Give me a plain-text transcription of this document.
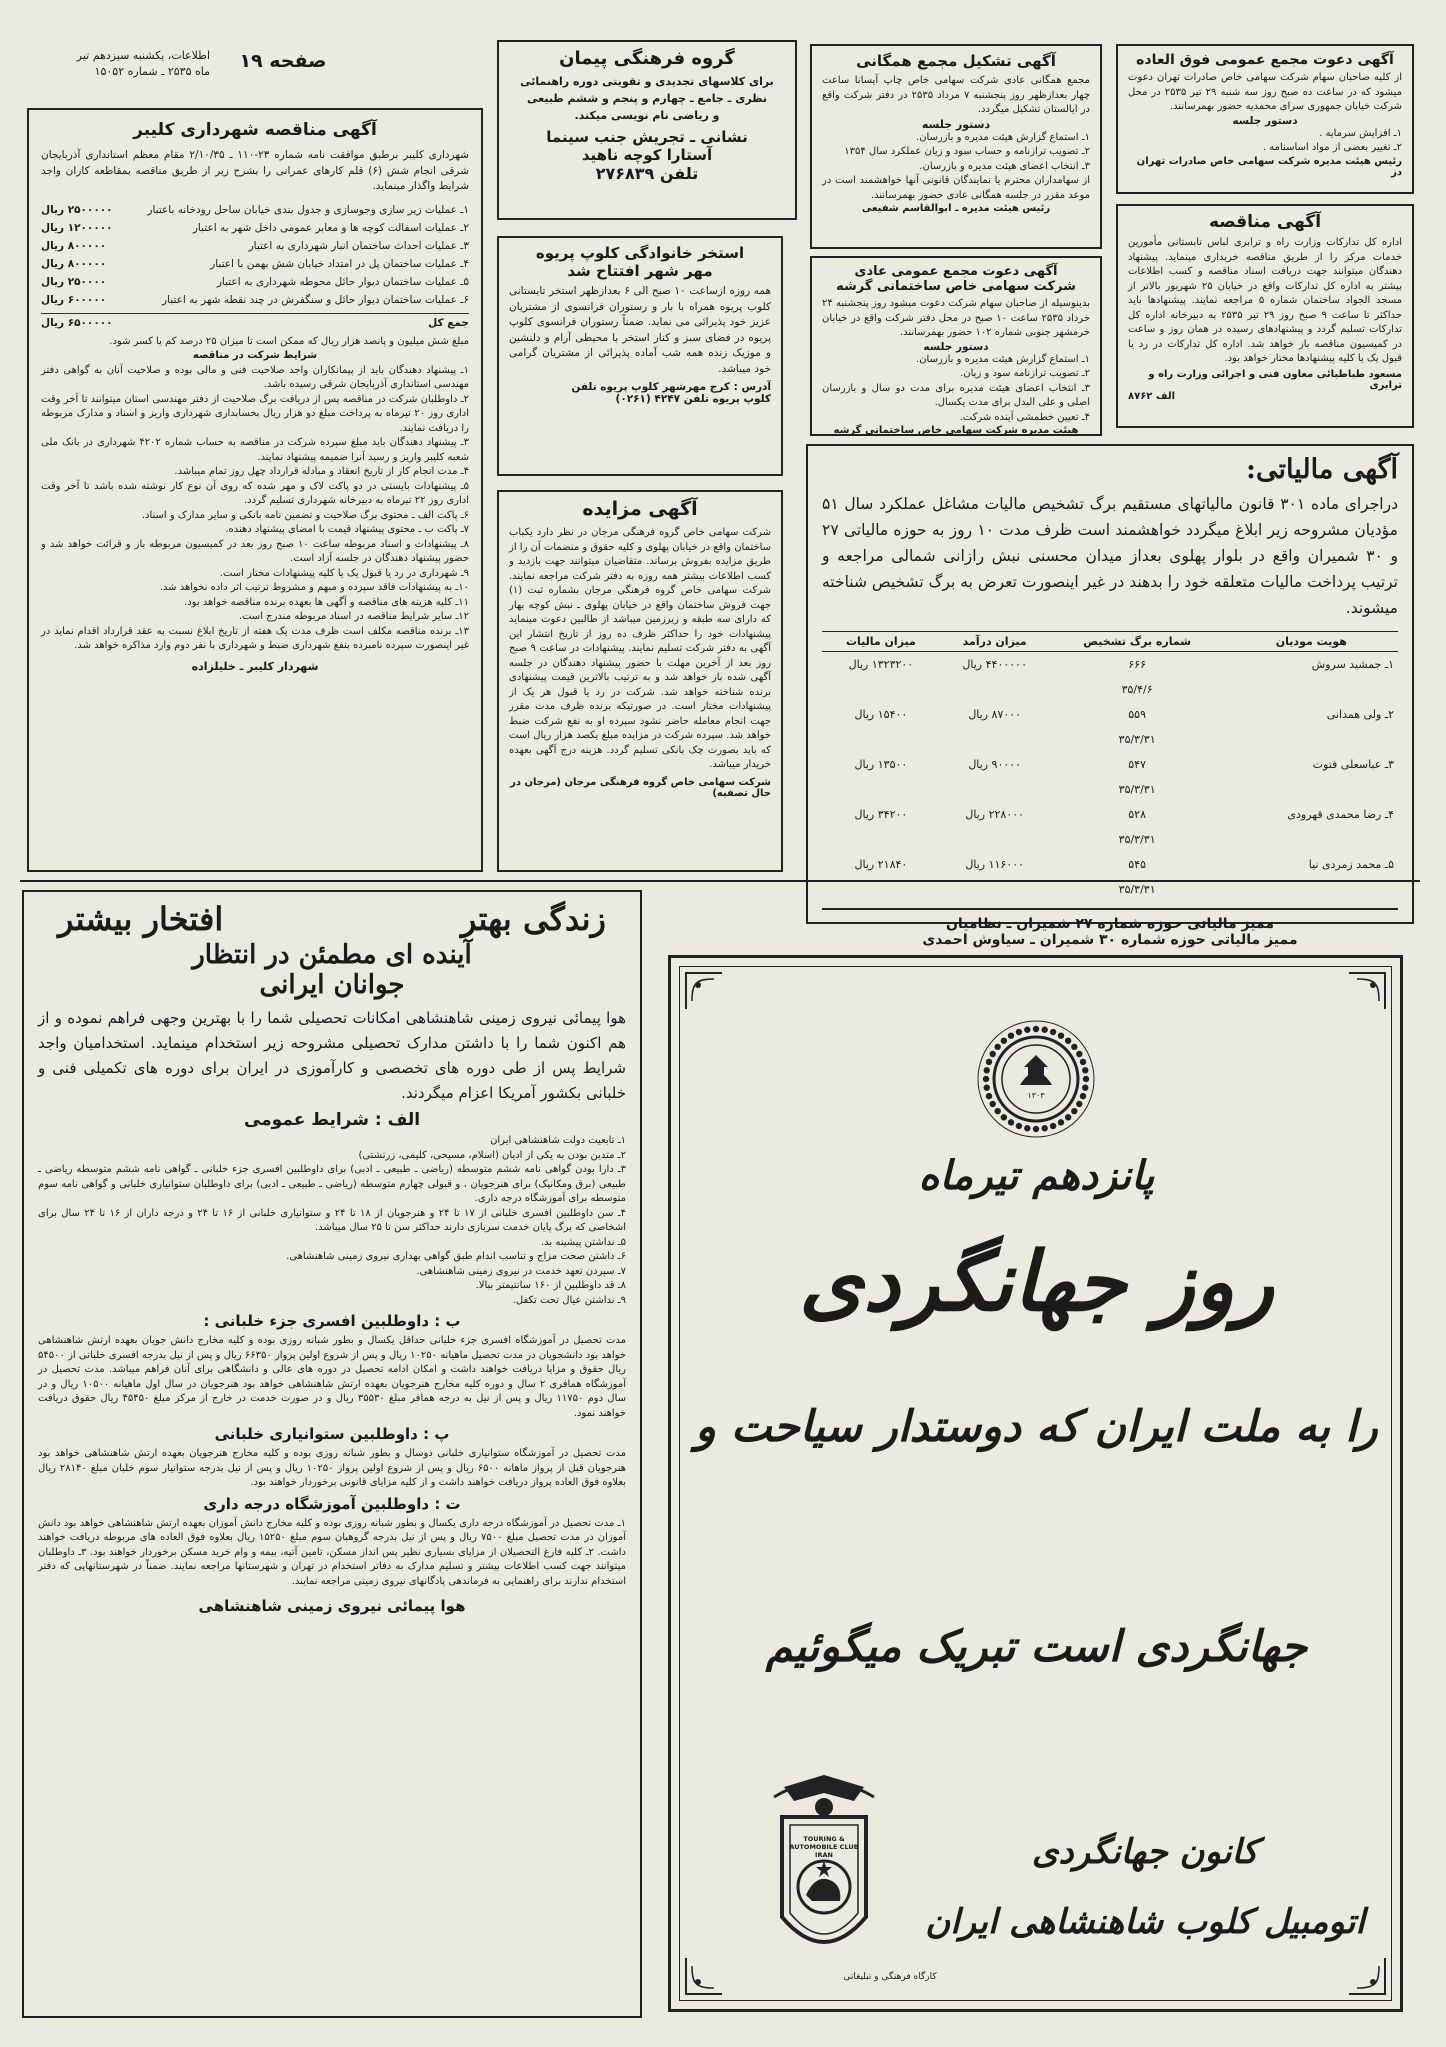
صفحه ۱۹
اطلاعات، یکشنبه سیزدهم تیر
ماه ۲۵۳۵ ـ شماره ۱۵۰۵۲
آگهی مناقصه شهرداری کلیبر
شهرداری کلیبر برطبق موافقت نامه شماره ۲۳-۱۱۰ ـ ۲/۱۰/۳۵ مقام معظم استانداری آذربایجان شرقی انجام شش (۶) قلم کارهای عمرانی را بشرح زیر از طریق مناقصه بمقاطعه کاران واجد شرایط واگذار مینماید.
۱ـ عملیات زیر سازی وجوسازی و جدول بندی خیابان ساحل رودخانه باعتبار
۲۵۰۰۰۰۰ ریال
۲ـ عملیات اسفالت کوچه ها و معابر عمومی داخل شهر به اعتبار
۱۲۰۰۰۰۰ ریال
۳ـ عملیات احداث ساختمان انبار شهرداری به اعتبار
۸۰۰۰۰۰ ریال
۴ـ عملیات ساختمان پل در امتداد خیابان شش بهمن با اعتبار
۸۰۰۰۰۰ ریال
۵ـ عملیات ساختمان دیوار حائل محوطه شهرداری به اعتبار
۲۵۰۰۰۰ ریال
۶ـ عملیات ساختمان دیوار حائل و سنگفرش در چند نقطه شهر به اعتبار
۶۰۰۰۰۰ ریال
جمع کل
۶۵۰۰۰۰۰ ریال
مبلغ شش میلیون و پانصد هزار ریال که ممکن است تا میزان ۲۵ درصد کم یا کسر شود.
شرایط شرکت در مناقصه
۱ـ پیشنهاد دهندگان باید از پیمانکاران واجد صلاحیت فنی و مالی بوده و صلاحیت آنان به گواهی دفتر مهندسی استانداری آذربایجان شرقی رسیده باشد.
۲ـ داوطلبان شرکت در مناقصه پس از دریافت برگ صلاحیت از دفتر مهندسی استان میتوانند تا آخر وقت اداری روز ۲۰ تیرماه به پرداخت مبلغ دو هزار ریال بحسابداری شهرداری واریز و اسناد و مدارک مربوطه را دریافت نمایند.
۳ـ پیشنهاد دهندگان باید مبلغ سپرده شرکت در مناقصه به حساب شماره ۴۲۰۲ شهرداری در بانک ملی شعبه کلیبر واریز و رسید آنرا ضمیمه پیشنهاد نمایند.
۴ـ مدت انجام کار از تاریخ انعقاد و مبادله قرارداد چهل روز تمام میباشد.
۵ـ پیشنهادات بایستی در دو پاکت لاک و مهر شده که روی آن نوع کار نوشته شده باشد تا آخر وقت اداری روز ۲۲ تیرماه به دبیرخانه شهرداری تسلیم گردد.
۶ـ پاکت الف ـ محتوی برگ صلاحیت و تضمین نامه بانکی و سایر مدارک و اسناد.
۷ـ پاکت ب ـ محتوی پیشنهاد قیمت با امضای پیشنهاد دهنده.
۸ـ پیشنهادات و اسناد مربوطه ساعت ۱۰ صبح روز بعد در کمیسیون مربوطه باز و قرائت خواهد شد و حضور پیشنهاد دهندگان در جلسه آزاد است.
۹ـ شهرداری در رد یا قبول یک یا کلیه پیشنهادات مختار است.
۱۰ـ به پیشنهادات فاقد سپرده و مبهم و مشروط ترتیب اثر داده نخواهد شد.
۱۱ـ کلیه هزینه های مناقصه و آگهی ها بعهده برنده مناقصه خواهد بود.
۱۲ـ سایر شرایط مناقصه در اسناد مربوطه مندرج است.
۱۳ـ برنده مناقصه مکلف است ظرف مدت یک هفته از تاریخ ابلاغ نسبت به عقد قرارداد اقدام نماید در غیر اینصورت سپرده نامبرده بنفع شهرداری ضبط و شهرداری با نفر دوم وارد مذاکره خواهد شد.
شهردار کلیبر ـ خلیلزاده
گروه فرهنگی پیمان
برای کلاسهای تجدیدی و تقویتی دوره راهنمائی
نظری ـ جامع ـ چهارم و پنجم و ششم طبیعی
و ریاضی نام نویسی میکند.
نشانی ـ تجریش جنب سینما
آستارا کوچه ناهید
تلفن ۲۷۶۸۳۹
استخر خانوادگی کلوپ پریوه
مهر شهر افتتاح شد
همه روزه ازساعت ۱۰ صبح الی ۶ بعدازظهر استخر تابستانی کلوب پریوه همراه با بار و رستوران فرانسوی از مشتریان عزیز خود پذیرائی می نماید. ضمناً رستوران فرانسوی کلوپ پریوه در فضای سبز و کنار استخر با محیطی آرام و دلنشین و موزیک زنده همه شب آماده پذیرائی از مشتریان گرامی خود میباشد.
آدرس : کرج مهرشهر کلوپ پریوه تلفن
کلوپ پریوه تلفن ۴۲۴۷ (۰۲۶۱)
آگهی مزایده
شرکت سهامی خاص گروه فرهنگی مرجان در نظر دارد یکباب ساختمان واقع در خیابان پهلوی و کلیه حقوق و منضمات آن را از طریق مزایده بفروش برساند. متقاضیان میتوانند جهت بازدید و کسب اطلاعات بیشتر همه روزه به دفتر شرکت مراجعه نمایند. شرکت سهامی خاص گروه فرهنگی مرجان بشماره ثبت (۱) جهت فروش ساختمان واقع در خیابان پهلوی ـ نبش کوچه بهار که دارای سه طبقه و زیرزمین میباشد از طالبین دعوت مینماید پیشنهادات خود را حداکثر ظرف ده روز از تاریخ انتشار این آگهی به دفتر شرکت تسلیم نمایند. پیشنهادات در ساعت ۹ صبح روز بعد از آخرین مهلت با حضور پیشنهاد دهندگان در جلسه آگهی شده باز خواهد شد و به ترتیب بالاترین قیمت پیشنهادی برنده شناخته خواهد شد. شرکت در رد یا قبول هر یک از پیشنهادات مختار است. در صورتیکه برنده ظرف مدت مقرر جهت انجام معامله حاضر نشود سپرده او به نفع شرکت ضبط خواهد شد. سپرده شرکت در مزایده مبلغ یکصد هزار ریال است که باید بصورت چک بانکی تسلیم گردد. هزینه درج آگهی بعهده خریدار میباشد.
شرکت سهامی خاص گروه فرهنگی مرجان (مرجان در حال تصفیه)
آگهی تشکیل مجمع همگانی
مجمع همگانی عادی شرکت سهامی خاص چاپ آیسانا ساعت چهار بعدازظهر روز پنجشنبه ۷ مرداد ۲۵۳۵ در دفتر شرکت واقع در ایالستان تشکیل میگردد.
دستور جلسه
۱ـ استماع گزارش هیئت مدیره و بازرسان.
۲ـ تصویب ترازنامه و حساب سود و زیان عملکرد سال ۱۳۵۴
۳ـ انتخاب اعضای هیئت مدیره و بازرسان.
از سهامداران محترم یا نمایندگان قانونی آنها خواهشمند است در موعد مقرر در جلسه همگانی عادی حضور بهمرسانند.
رئیس هیئت مدیره ـ ابوالقاسم شفیعی
آگهی دعوت مجمع عمومی عادی
شرکت سهامی خاص ساختمانی گرشه
بدینوسیله از صاحبان سهام شرکت دعوت میشود روز پنجشنبه ۲۴ خرداد ۲۵۳۵ ساعت ۱۰ صبح در محل دفتر شرکت واقع در خیابان خرمشهر جنوبی شماره ۱۰۲ حضور بهمرسانند.
دستور جلسه
۱ـ استماع گزارش هیئت مدیره و بازرسان.
۲ـ تصویب ترازنامه سود و زیان.
۳ـ انتخاب اعضای هیئت مدیره برای مدت دو سال و بازرسان اصلی و علی البدل برای مدت یکسال.
۴ـ تعیین خطمشی آینده شرکت.
هیئت مدیره شرکت سهامی خاص ساختمانی گرشه
آگهی دعوت مجمع عمومی فوق العاده
از کلیه صاحبان سهام شرکت سهامی خاص صادرات تهران دعوت میشود که در ساعت ده صبح روز سه شنبه ۲۹ تیر ۲۵۳۵ در محل شرکت خیابان جمهوری سرای محمدیه حضور بهمرسانند.
دستور جلسه
۱ـ افزایش سرمایه .
۲ـ تغییر بعضی از مواد اساسنامه .
رئیس هیئت مدیره شرکت سهامی خاص صادرات تهران دز
آگهی مناقصه
اداره کل تدارکات وزارت راه و ترابری لباس تابستانی مأمورین خدمات مرکز را از طریق مناقصه خریداری مینماید. پیشنهاد دهندگان میتوانند جهت دریافت اسناد مناقصه و کسب اطلاعات بیشتر به اداره کل تدارکات واقع در خیابان ۲۵ شهریور بالاتر از مسجد الجواد ساختمان شماره ۵ مراجعه نمایند. پیشنهادها باید حداکثر تا ساعت ۹ صبح روز ۲۹ تیر ۲۵۳۵ به دبیرخانه اداره کل تدارکات تسلیم گردد و پیشنهادهای رسیده در همان روز و ساعت در کمیسیون مناقصه باز خواهد شد. اداره کل تدارکات در رد یا قبول یک یا کلیه پیشنهادها مختار خواهد بود.
مسعود طباطبائی معاون فنی و اجرائی وزارت راه و ترابری
الف ۸۷۶۲
آگهی مالیاتی:
دراجرای ماده ۳۰۱ قانون مالیاتهای مستقیم برگ تشخیص مالیات مشاغل عملکرد سال ۵۱ مؤدیان مشروحه زیر ابلاغ میگردد خواهشمند است ظرف مدت ۱۰ روز به حوزه مالیاتی ۲۷ و ۳۰ شمیران واقع در بلوار پهلوی بعداز میدان محسنی نبش رازانی شمالی مراجعه و ترتیب پرداخت مالیات متعلقه خود را بدهند در غیر اینصورت تعرض به برگ تشخیص شناخته میشوند.
هویت مودیان	شماره برگ تشخیص	میزان درآمد	میزان مالیات
۱ـ جمشید سروش	۶۶۶	۴۴۰۰۰۰۰ ریال	۱۳۲۳۲۰۰ ریال
	۳۵/۴/۶		
۲ـ ولی همدانی	۵۵۹	۸۷۰۰۰ ریال	۱۵۴۰۰ ریال
	۳۵/۳/۳۱		
۳ـ عباسعلی فتوت	۵۴۷	۹۰۰۰۰ ریال	۱۳۵۰۰ ریال
	۳۵/۳/۳۱		
۴ـ رضا محمدی قهرودی	۵۲۸	۲۲۸۰۰۰ ریال	۳۴۲۰۰ ریال
	۳۵/۳/۳۱		
۵ـ محمد زمردی نیا	۵۴۵	۱۱۶۰۰۰ ریال	۲۱۸۴۰ ریال
	۳۵/۳/۳۱		
ممیز مالیاتی حوزه شماره ۲۷ شمیران ـ نظامیان
ممیز مالیاتی حوزه شماره ۳۰ شمیران ـ سیاوش احمدی
زندگی بهتر
افتخار بیشتر
آینده ای مطمئن در انتظار
جوانان ایرانی
هوا پیمائی نیروی زمینی شاهنشاهی امکانات تحصیلی شما را با بهترین وجهی فراهم نموده و از هم اکنون شما را با داشتن مدارک تحصیلی مشروحه زیر استخدام مینماید. استخدامیان واجد شرایط پس از طی دوره های تخصصی و کارآموزی در ایران برای دوره های تکمیلی فنی و خلبانی بکشور آمریکا اعزام میگردند.
الف : شرایط عمومی
۱ـ تابعیت دولت شاهنشاهی ایران
۲ـ متدین بودن به یکی از ادیان (اسلام، مسیحی، کلیمی، زرتشتی)
۳ـ دارا بودن گواهی نامه ششم متوسطه (ریاضی ـ طبیعی ـ ادبی) برای داوطلبین افسری جزء خلبانی ـ گواهی نامه ششم متوسطه ریاضی ـ طبیعی (برق ومکانیک) برای هنرجویان ، و قبولی چهارم متوسطه (ریاضی ـ طبیعی ـ ادبی) برای داوطلبان ستوانیاری خلبانی و گواهی نامه سوم متوسطه برای آموزشگاه درجه داری.
۴ـ سن داوطلبین افسری خلبانی از ۱۷ تا ۲۴ و هنرجویان از ۱۸ تا ۲۴ و ستوانیاری خلبانی از ۱۶ تا ۲۴ و درجه داران از ۱۶ تا ۲۴ سال برای اشخاصی که برگ پایان خدمت سربازی دارند حداکثر سن تا ۲۵ سال میباشد.
۵ـ نداشتن پیشینه بد.
۶ـ داشتن صحت مزاج و تناسب اندام طبق گواهی بهداری نیروی زمینی شاهنشاهی.
۷ـ سپردن تعهد خدمت در نیروی زمینی شاهنشاهی.
۸ـ قد داوطلبین از ۱۶۰ سانتیمتر ببالا.
۹ـ نداشتن عیال تحت تکفل.
ب : داوطلبین افسری جزء خلبانی :
مدت تحصیل در آموزشگاه افسری جزء خلبانی حداقل یکسال و بطور شبانه روزی بوده و کلیه مخارج دانش جویان بعهده ارتش شاهنشاهی خواهد بود دانشجویان در مدت تحصیل ماهیانه ۱۰۲۵۰ ریال و پس از شروع اولین پرواز ۶۶۳۵۰ ریال و پس از نیل بدرجه افسری خلبانی از ۵۴۵۰۰ ریال حقوق و مزایا دریافت خواهند داشت و امکان ادامه تحصیل در دوره های عالی و دانشگاهی برای آنان فراهم میباشد. مدت تحصیل در آموزشگاه همافری ۲ سال و دوره کلیه مخارج هنرجویان بعهده ارتش شاهنشاهی خواهد بود هنرجویان در سال اول ماهیانه ۱۰۵۰۰ ریال و در سال دوم ۱۱۷۵۰ ریال و پس از نیل به درجه همافر مبلغ ۳۵۵۳۰ ریال و در صورت خدمت در خارج از مرکز مبلغ ۴۵۴۵۰ ریال حقوق دریافت خواهند نمود.
پ : داوطلبین ستوانیاری خلبانی
مدت تحصیل در آموزشگاه ستوانیاری خلبانی دوسال و بطور شبانه روزی بوده و کلیه مخارج هنرجویان بعهده ارتش شاهنشاهی خواهد بود هنرجویان قبل از پرواز ماهانه ۶۵۰۰ ریال و پس از شروع اولین پرواز ۱۰۲۵۰ ریال و پس از نیل بدرجه ستوانیار سوم خلبان مبلغ ۲۸۱۴۰ ریال بعلاوه فوق العاده پرواز دریافت خواهند داشت و از کلیه مزایای قانونی برخوردار خواهند بود.
ت : داوطلبین آموزشگاه درجه داری
۱ـ مدت تحصیل در آموزشگاه درجه داری یکسال و بطور شبانه روزی بوده و کلیه مخارج دانش آموزان بعهده ارتش شاهنشاهی خواهد بود دانش آموزان در مدت تحصیل مبلغ ۷۵۰۰ ریال و پس از نیل بدرجه گروهبان سوم مبلغ ۱۵۲۵۰ ریال بعلاوه فوق العاده های مربوطه دریافت خواهند داشت. ۲ـ کلیه فارغ التحصیلان از مزایای بسیاری نظیر پس انداز مسکن، تامین آتیه، بیمه و وام خرید مسکن برخوردار خواهند بود. ۳ـ داوطلبان میتوانند جهت کسب اطلاعات بیشتر و تسلیم مدارک به دفاتر استخدام در تهران و شهرستانها مراجعه نمایند. ضمناً در شهرستانهایی که دفتر استخدام ندارند برای راهنمایی به فرماندهی پادگانهای نیروی زمینی مراجعه نمایند.
هوا پیمائی نیروی زمینی شاهنشاهی
۱۳۰۳
پانزدهم تیرماه
روز جهانگردی
را به ملت ایران که دوستدار سیاحت و
جهانگردی است تبریک میگوئیم
TOURING & AUTOMOBILE CLUB IRAN	کانون جهانگردی
اتومبیل کلوب شاهنشاهی ایران
کارگاه فرهنگی و تبلیغاتی
